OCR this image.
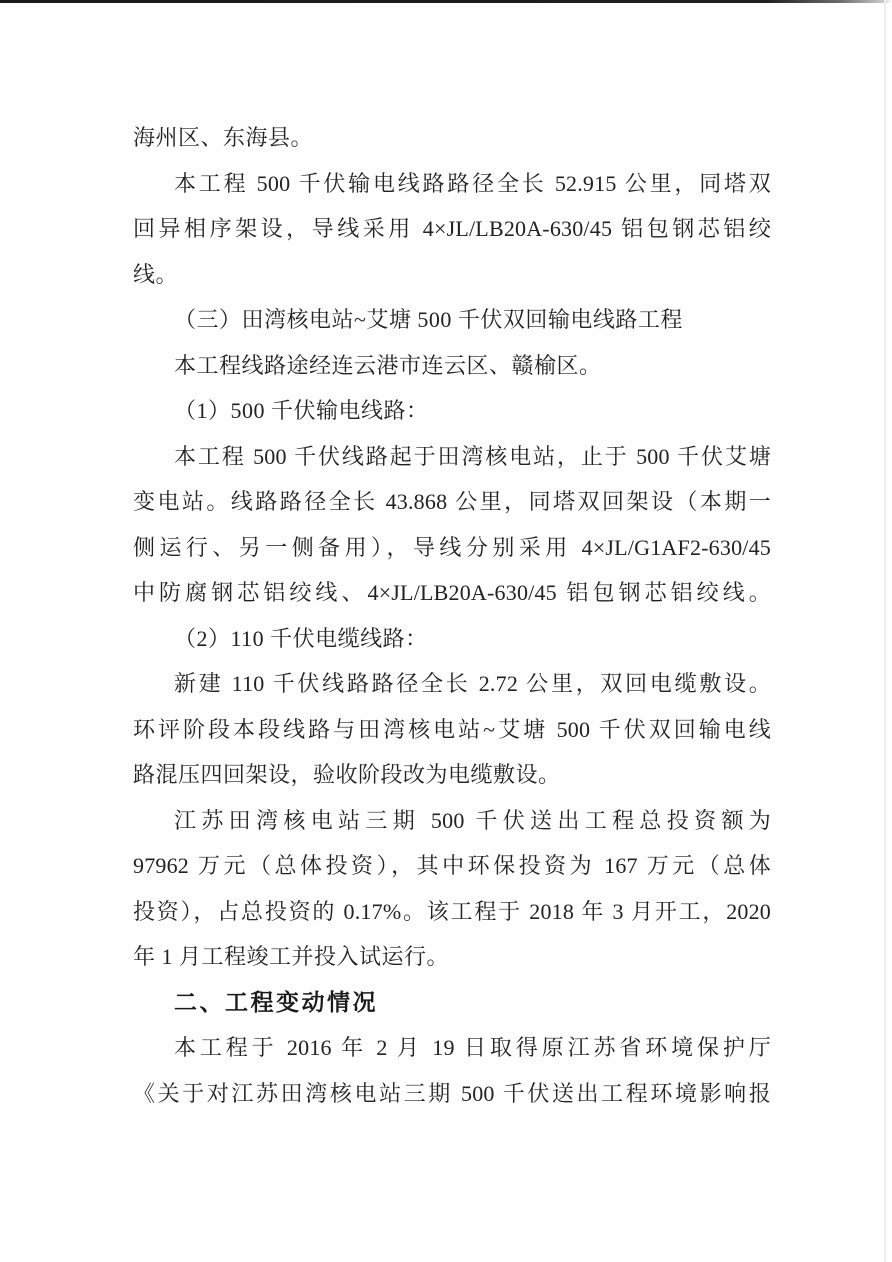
海州区、东海县。
本工程 500 千伏输电线路路径全长 52.915 公里，同塔双
回异相序架设，导线采用 4×JL/LB20A-630/45 铝包钢芯铝绞
线。
（三）田湾核电站~艾塘 500 千伏双回输电线路工程
本工程线路途经连云港市连云区、赣榆区。
（1）500 千伏输电线路：
本工程 500 千伏线路起于田湾核电站，止于 500 千伏艾塘
变电站。线路路径全长 43.868 公里，同塔双回架设（本期一
侧运行、另一侧备用），导线分别采用 4×JL/G1AF2-630/45
中防腐钢芯铝绞线、4×JL/LB20A-630/45 铝包钢芯铝绞线。
（2）110 千伏电缆线路：
新建 110 千伏线路路径全长 2.72 公里，双回电缆敷设。
环评阶段本段线路与田湾核电站~艾塘 500 千伏双回输电线
路混压四回架设，验收阶段改为电缆敷设。
江苏田湾核电站三期 500 千伏送出工程总投资额为
97962 万元（总体投资），其中环保投资为 167 万元（总体
投资），占总投资的 0.17%。该工程于 2018 年 3 月开工，2020
年 1 月工程竣工并投入试运行。
二、工程变动情况
本工程于 2016 年 2 月 19 日取得原江苏省环境保护厅
《关于对江苏田湾核电站三期 500 千伏送出工程环境影响报
